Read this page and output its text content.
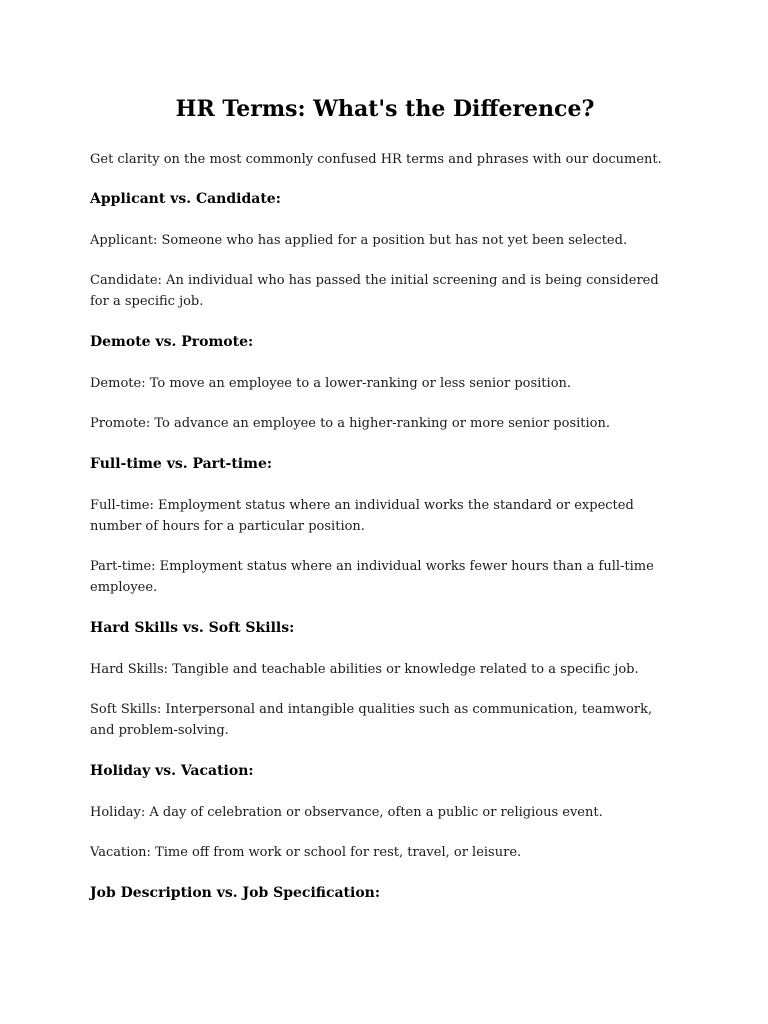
HR Terms: What's the Difference?

Get clarity on the most commonly confused HR terms and phrases with our document.

Applicant vs. Candidate:

Applicant: Someone who has applied for a position but has not yet been selected.

Candidate: An individual who has passed the initial screening and is being considered for a specific job.

Demote vs. Promote:

Demote: To move an employee to a lower-ranking or less senior position.

Promote: To advance an employee to a higher-ranking or more senior position.

Full-time vs. Part-time:

Full-time: Employment status where an individual works the standard or expected number of hours for a particular position.

Part-time: Employment status where an individual works fewer hours than a full-time employee.

Hard Skills vs. Soft Skills:

Hard Skills: Tangible and teachable abilities or knowledge related to a specific job.

Soft Skills: Interpersonal and intangible qualities such as communication, teamwork, and problem-solving.

Holiday vs. Vacation:

Holiday: A day of celebration or observance, often a public or religious event.

Vacation: Time off from work or school for rest, travel, or leisure.

Job Description vs. Job Specification:
